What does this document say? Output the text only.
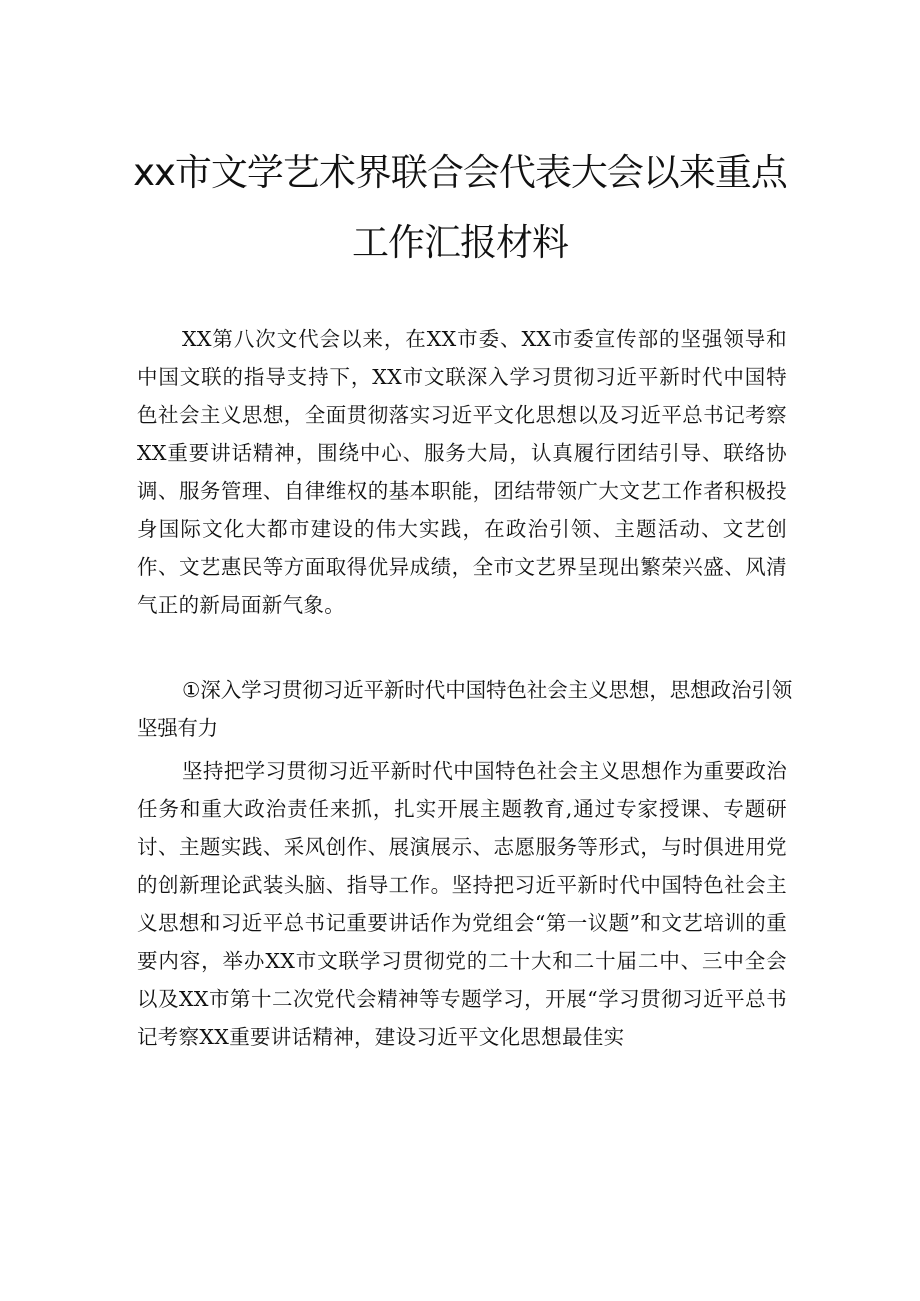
xx市文学艺术界联合会代表大会以来重点
工作汇报材料

XX第八次文代会以来，在XX市委、XX市委宣传部的坚强领导和中国文联的指导支持下，XX市文联深入学习贯彻习近平新时代中国特色社会主义思想，全面贯彻落实习近平文化思想以及习近平总书记考察XX重要讲话精神，围绕中心、服务大局，认真履行团结引导、联络协调、服务管理、自律维权的基本职能，团结带领广大文艺工作者积极投身国际文化大都市建设的伟大实践，在政治引领、主题活动、文艺创作、文艺惠民等方面取得优异成绩，全市文艺界呈现出繁荣兴盛、风清气正的新局面新气象。

①深入学习贯彻习近平新时代中国特色社会主义思想，思想政治引领坚强有力

坚持把学习贯彻习近平新时代中国特色社会主义思想作为重要政治任务和重大政治责任来抓，扎实开展主题教育,通过专家授课、专题研讨、主题实践、采风创作、展演展示、志愿服务等形式，与时俱进用党的创新理论武装头脑、指导工作。坚持把习近平新时代中国特色社会主义思想和习近平总书记重要讲话作为党组会“第一议题”和文艺培训的重要内容，举办XX市文联学习贯彻党的二十大和二十届二中、三中全会以及XX市第十二次党代会精神等专题学习，开展“学习贯彻习近平总书记考察XX重要讲话精神，建设习近平文化思想最佳实
